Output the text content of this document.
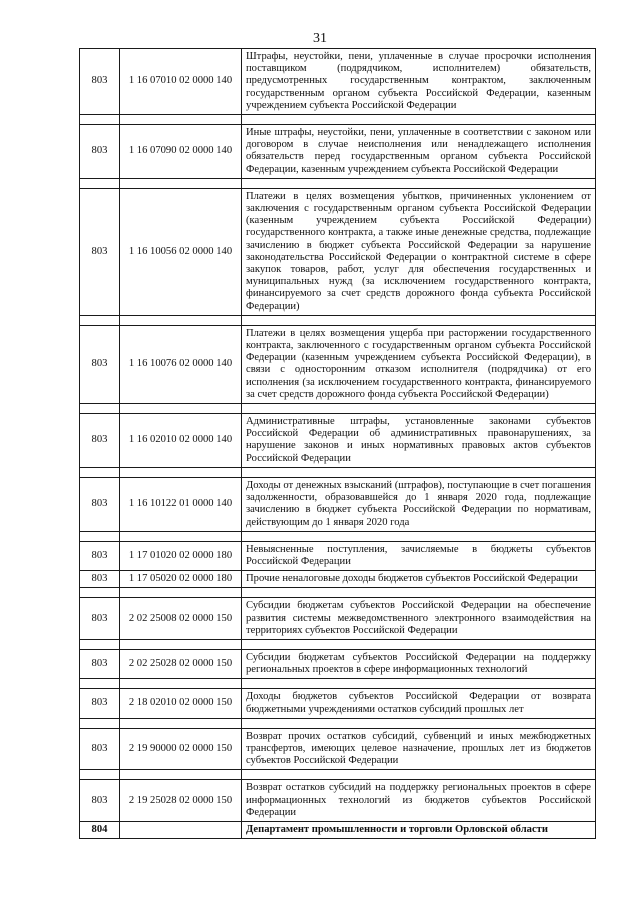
31
803	1 16 07010 02 0000 140	Штрафы, неустойки, пени, уплаченные в случае просрочки исполнения поставщиком (подрядчиком, исполнителем) обязательств, предусмотренных государственным контрактом, заключенным государственным органом субъекта Российской Федерации, казенным учреждением субъекта Российской Федерации

803	1 16 07090 02 0000 140	Иные штрафы, неустойки, пени, уплаченные в соответствии с законом или договором в случае неисполнения или ненадлежащего исполнения обязательств перед государственным органом субъекта Российской Федерации, казенным учреждением субъекта Российской Федерации

803	1 16 10056 02 0000 140	Платежи в целях возмещения убытков, причиненных уклонением от заключения с государственным органом субъекта Российской Федерации (казенным учреждением субъекта Российской Федерации) государственного контракта, а также иные денежные средства, подлежащие зачислению в бюджет субъекта Российской Федерации за нарушение законодательства Российской Федерации о контрактной системе в сфере закупок товаров, работ, услуг для обеспечения государственных и муниципальных нужд (за исключением государственного контракта, финансируемого за счет средств дорожного фонда субъекта Российской Федерации)

803	1 16 10076 02 0000 140	Платежи в целях возмещения ущерба при расторжении государственного контракта, заключенного с государственным органом субъекта Российской Федерации (казенным учреждением субъекта Российской Федерации), в связи с односторонним отказом исполнителя (подрядчика) от его исполнения (за исключением государственного контракта, финансируемого за счет средств дорожного фонда субъекта Российской Федерации)

803	1 16 02010 02 0000 140	Административные штрафы, установленные законами субъектов Российской Федерации об административных правонарушениях, за нарушение законов и иных нормативных правовых актов субъектов Российской Федерации

803	1 16 10122 01 0000 140	Доходы от денежных взысканий (штрафов), поступающие в счет погашения задолженности, образовавшейся до 1 января 2020 года, подлежащие зачислению в бюджет субъекта Российской Федерации по нормативам, действующим до 1 января 2020 года

803	1 17 01020 02 0000 180	Невыясненные поступления, зачисляемые в бюджеты субъектов Российской Федерации
803	1 17 05020 02 0000 180	Прочие неналоговые доходы бюджетов субъектов Российской Федерации

803	2 02 25008 02 0000 150	Субсидии бюджетам субъектов Российской Федерации на обеспечение развития системы межведомственного электронного взаимодействия на территориях субъектов Российской Федерации

803	2 02 25028 02 0000 150	Субсидии бюджетам субъектов Российской Федерации на поддержку региональных проектов в сфере информационных технологий

803	2 18 02010 02 0000 150	Доходы бюджетов субъектов Российской Федерации от возврата бюджетными учреждениями остатков субсидий прошлых лет

803	2 19 90000 02 0000 150	Возврат прочих остатков субсидий, субвенций и иных межбюджетных трансфертов, имеющих целевое назначение, прошлых лет из бюджетов субъектов Российской Федерации

803	2 19 25028 02 0000 150	Возврат остатков субсидий на поддержку региональных проектов в сфере информационных технологий из бюджетов субъектов Российской Федерации
804		Департамент промышленности и торговли Орловской области
